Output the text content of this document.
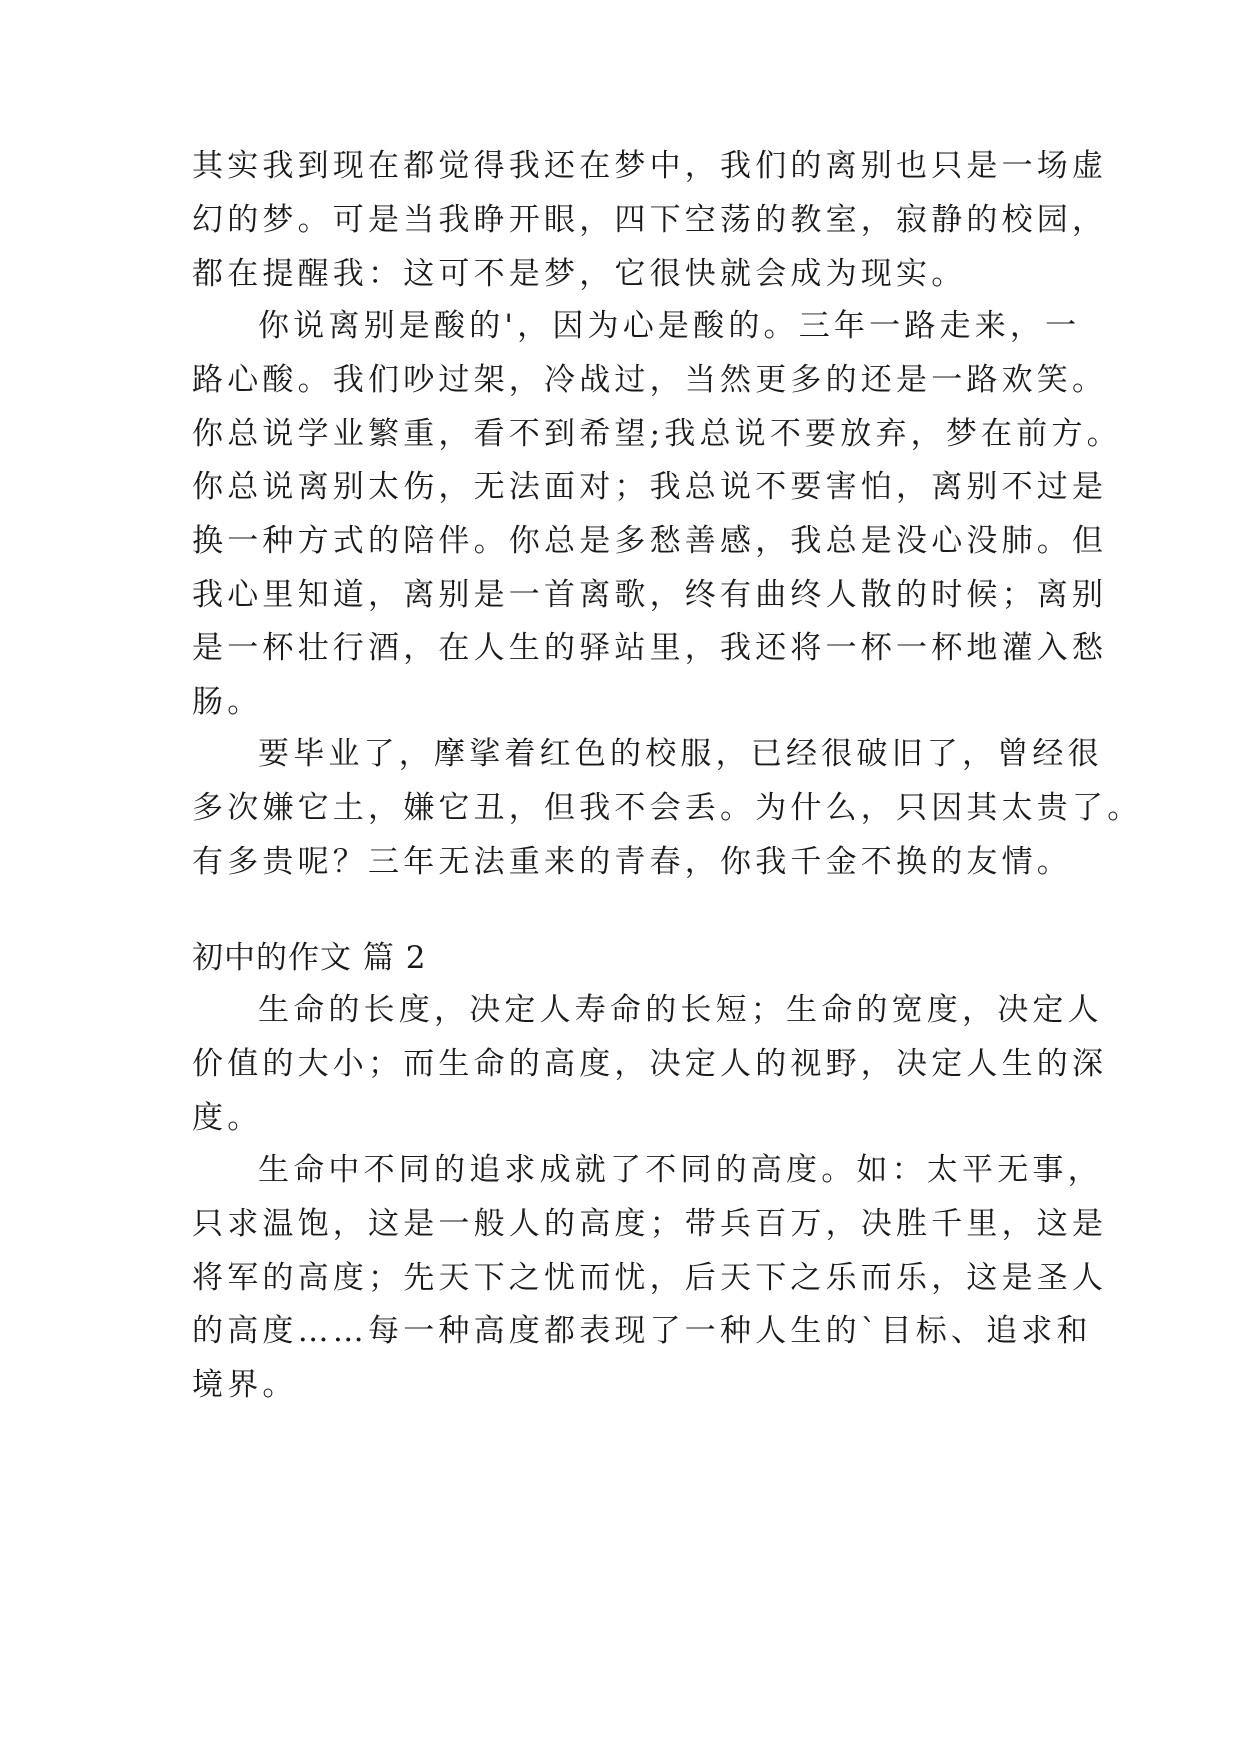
其实我到现在都觉得我还在梦中，我们的离别也只是一场虚
幻的梦。可是当我睁开眼，四下空荡的教室，寂静的校园，
都在提醒我：这可不是梦，它很快就会成为现实。
你说离别是酸的'，因为心是酸的。三年一路走来，一
路心酸。我们吵过架，冷战过，当然更多的还是一路欢笑。
你总说学业繁重，看不到希望;我总说不要放弃，梦在前方。
你总说离别太伤，无法面对；我总说不要害怕，离别不过是
换一种方式的陪伴。你总是多愁善感，我总是没心没肺。但
我心里知道，离别是一首离歌，终有曲终人散的时候；离别
是一杯壮行酒，在人生的驿站里，我还将一杯一杯地灌入愁
肠。
要毕业了，摩挲着红色的校服，已经很破旧了，曾经很
多次嫌它土，嫌它丑，但我不会丢。为什么，只因其太贵了。
有多贵呢？三年无法重来的青春，你我千金不换的友情。
初中的作文 篇 2
生命的长度，决定人寿命的长短；生命的宽度，决定人
价值的大小；而生命的高度，决定人的视野，决定人生的深
度。
生命中不同的追求成就了不同的高度。如：太平无事，
只求温饱，这是一般人的高度；带兵百万，决胜千里，这是
将军的高度；先天下之忧而忧，后天下之乐而乐，这是圣人
的高度……每一种高度都表现了一种人生的`目标、追求和
境界。
